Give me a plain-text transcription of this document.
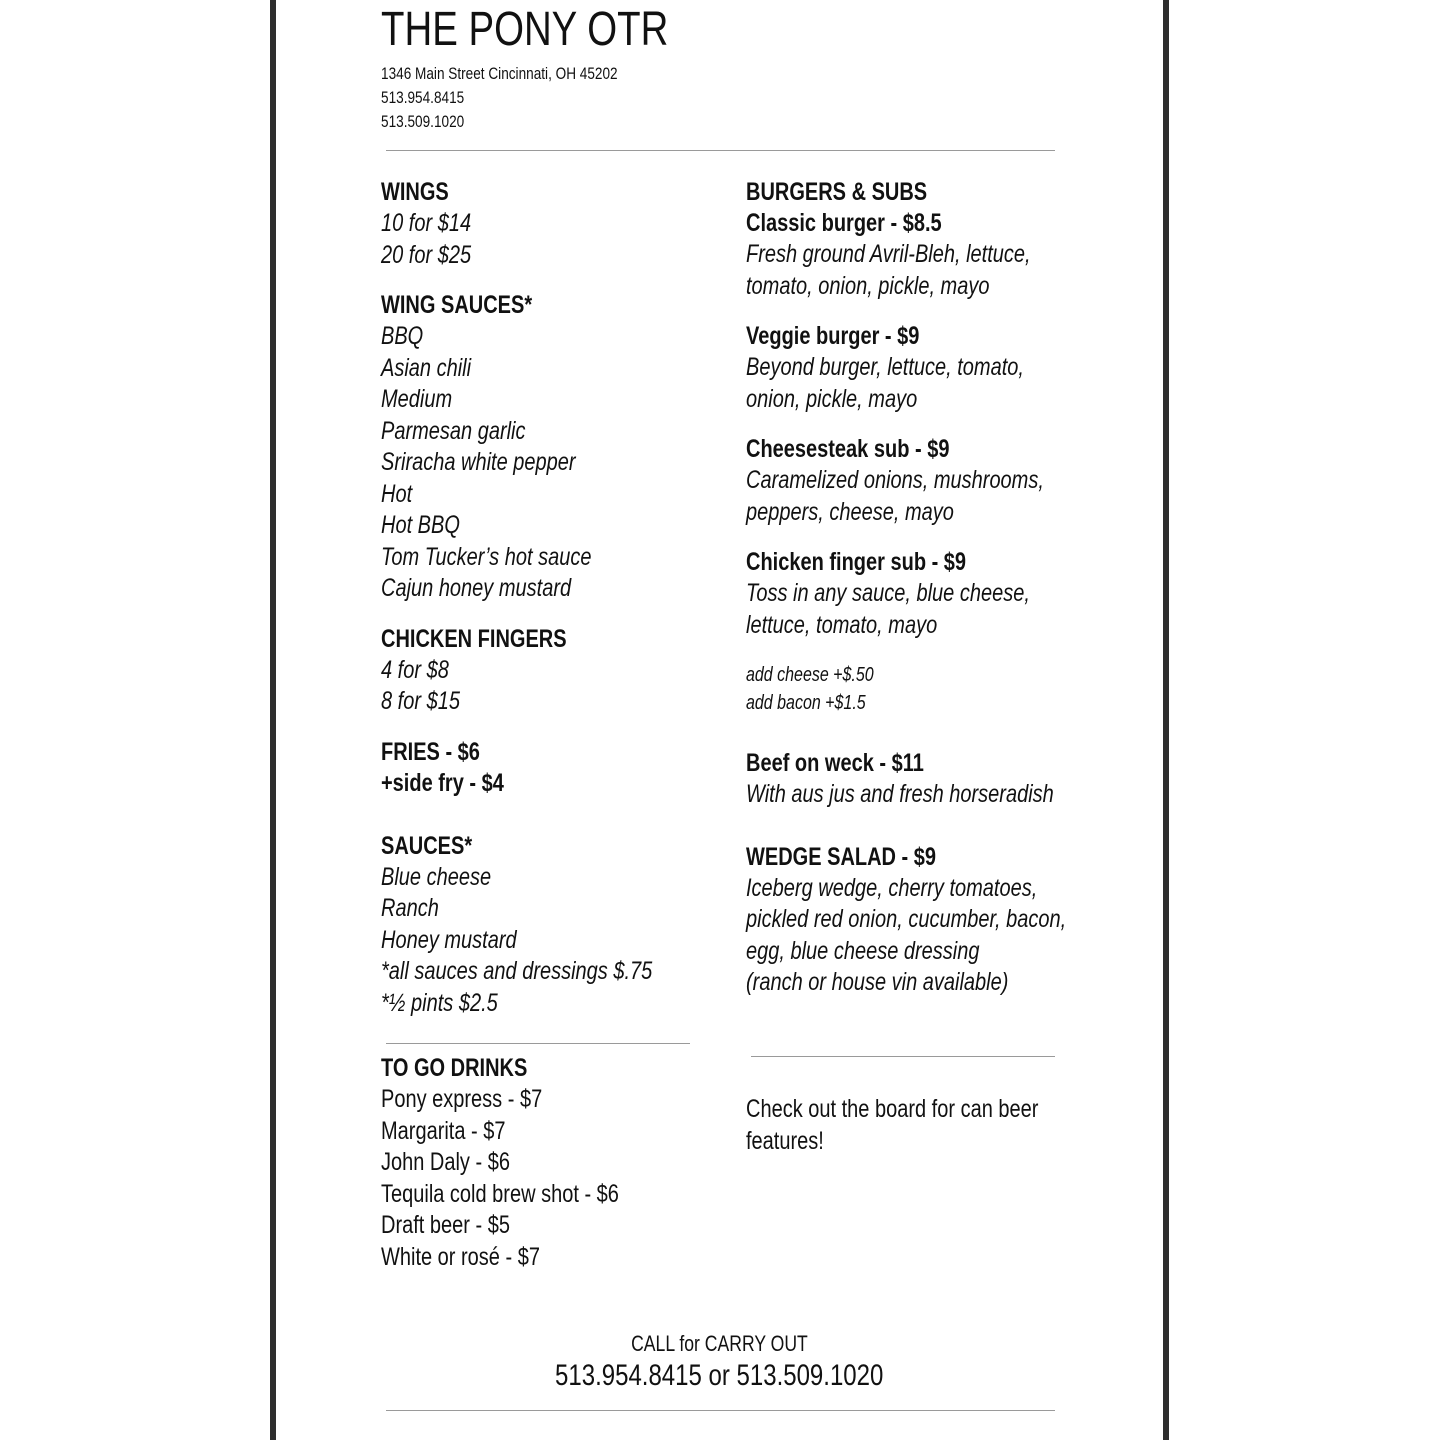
THE PONY OTR
1346 Main Street Cincinnati, OH 45202
513.954.8415
513.509.1020
WINGS
10 for $14
20 for $25
WING SAUCES*
BBQ
Asian chili
Medium
Parmesan garlic
Sriracha white pepper
Hot
Hot BBQ
Tom Tucker’s hot sauce
Cajun honey mustard
CHICKEN FINGERS
4 for $8
8 for $15
FRIES - $6
+side fry - $4
SAUCES*
Blue cheese
Ranch
Honey mustard
*all sauces and dressings $.75
*½ pints $2.5
TO GO DRINKS
Pony express - $7
Margarita - $7
John Daly - $6
Tequila cold brew shot - $6
Draft beer - $5
White or rosé - $7
BURGERS & SUBS
Classic burger - $8.5
Fresh ground Avril-Bleh, lettuce,
tomato, onion, pickle, mayo
Veggie burger - $9
Beyond burger, lettuce, tomato,
onion, pickle, mayo
Cheesesteak sub - $9
Caramelized onions, mushrooms,
peppers, cheese, mayo
Chicken finger sub - $9
Toss in any sauce, blue cheese,
lettuce, tomato, mayo
add cheese +$.50
add bacon +$1.5
Beef on weck - $11
With aus jus and fresh horseradish
WEDGE SALAD - $9
Iceberg wedge, cherry tomatoes,
pickled red onion, cucumber, bacon,
egg, blue cheese dressing
(ranch or house vin available)
Check out the board for can beer
features!
CALL for CARRY OUT
513.954.8415 or 513.509.1020
